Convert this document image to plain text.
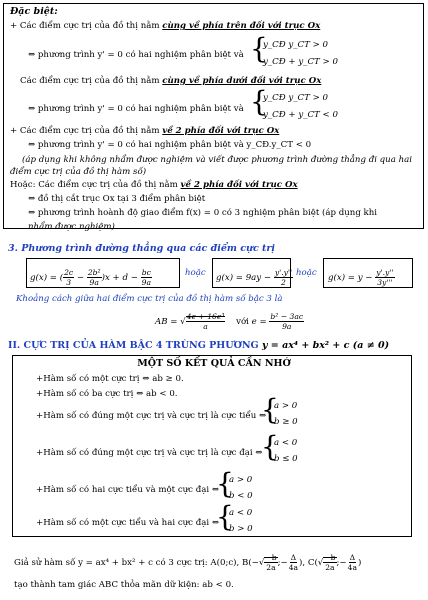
Đặc biệt:
+ Các điểm cực trị của đồ thị nằm cùng về phía trên đối với trục Ox
⇔ phương trình y' = 0 có hai nghiệm phân biệt và {
y_CĐ y_CT > 0
y_CĐ + y_CT > 0
Các điểm cực trị của đồ thị nằm cùng về phía dưới đối với trục Ox
⇔ phương trình y' = 0 có hai nghiệm phân biệt và {
y_CĐ y_CT > 0
y_CĐ + y_CT < 0
+ Các điểm cực trị của đồ thị nằm về 2 phía đối với trục Ox
⇔ phương trình y' = 0 có hai nghiệm phân biệt và y_CĐ.y_CT < 0
(áp dụng khi không nhẩm được nghiệm và viết được phương trình đường thẳng đi qua hai
điểm cực trị của đồ thị hàm số)
Hoặc: Các điểm cực trị của đồ thị nằm về 2 phía đối với trục Ox
⇔ đồ thị cắt trục Ox tại 3 điểm phân biệt
⇔ phương trình hoành độ giao điểm f(x) = 0 có 3 nghiệm phân biệt (áp dụng khi
nhẩm được nghiệm)
3. Phương trình đường thẳng qua các điểm cực trị
g(x) = ( $\frac{2c}{3} - \frac{\text{2b²}}{9a} )x + d - \frac{bc}{9a}$	hoặc $g(x) = 9ay - \frac{y'.y''}{2}$ hoặc $g(x) = y - \frac{y'.y''}{3y'''}$
Khoảng cách giữa hai điểm cực trị của đồ thị hàm số bậc 3 là
AB = √ $\frac{\text{4e + 16e³}}{a}$ với $e = \frac{\text{b² − 3ac}}{9a}$
II. CỰC TRỊ CỦA HÀM BẬC 4 TRÙNG PHƯƠNG y = ax⁴ + bx² + c (a ≠ 0)
MỘT SỐ KẾT QUẢ CẦN NHỚ
+Hàm số có một cực trị ⇔ ab ≥ 0.
+Hàm số có ba cực trị ⇔ ab < 0.
+Hàm số có đúng một cực trị và cực trị là cực tiểu ⇔
{
a > 0
b ≥ 0
+Hàm số có đúng một cực trị và cực trị là cực đại ⇔
{
a < 0
b ≤ 0
+Hàm số có hai cực tiểu và một cực đại ⇔
{
a > 0
b < 0
+Hàm số có một cực tiểu và hai cực đại ⇔
{
a < 0
b > 0
Giả sử hàm số y = ax⁴ + bx² + c có 3 cực trị: A(0;c), $B(-√ \frac{-b}{2a}$ ;− $\frac{\Delta}{4a}$ ), $C(√ \frac{-b}{2a}$ ;− $\frac{\Delta}{4a}$ )
tạo thành tam giác ABC thỏa mãn dữ kiện: ab < 0.
